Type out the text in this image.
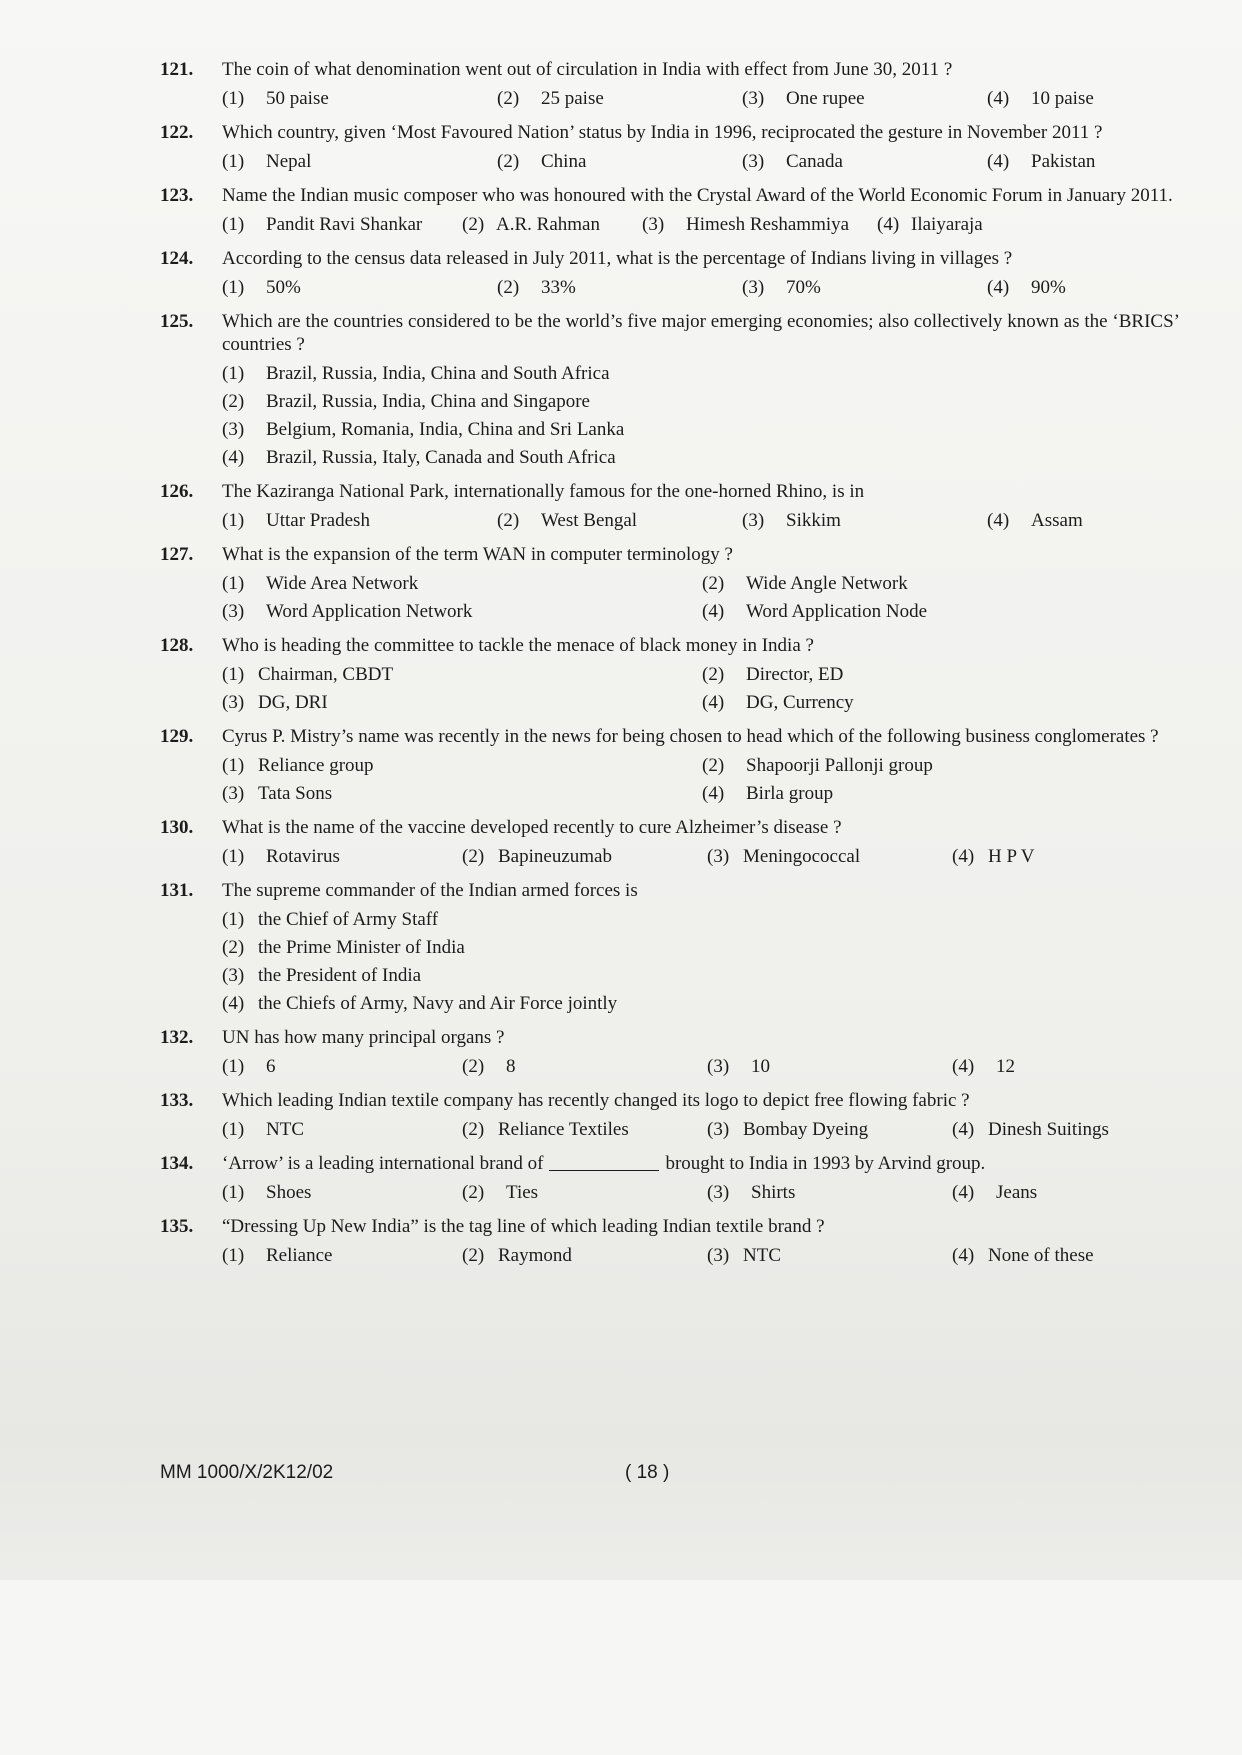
121.	The coin of what denomination went out of circulation in India with effect from June 30, 2011 ?
(1) 50 paise	(2) 25 paise	(3) One rupee	(4) 10 paise
122.	Which country, given ‘Most Favoured Nation’ status by India in 1996, reciprocated the gesture in November 2011 ?
(1) Nepal	(2) China	(3) Canada	(4) Pakistan
123.	Name the Indian music composer who was honoured with the Crystal Award of the World Economic Forum in January 2011.
(1) Pandit Ravi Shankar	(2) A.R. Rahman	(3) Himesh Reshammiya	(4) Ilaiyaraja
124.	According to the census data released in July 2011, what is the percentage of Indians living in villages ?
(1) 50%	(2) 33%	(3) 70%	(4) 90%
125.	Which are the countries considered to be the world’s five major emerging economies; also collectively known as the ‘BRICS’ countries ?
(1) Brazil, Russia, India, China and South Africa
(2) Brazil, Russia, India, China and Singapore
(3) Belgium, Romania, India, China and Sri Lanka
(4) Brazil, Russia, Italy, Canada and South Africa
126.	The Kaziranga National Park, internationally famous for the one-horned Rhino, is in
(1) Uttar Pradesh	(2) West Bengal	(3) Sikkim	(4) Assam
127.	What is the expansion of the term WAN in computer terminology ?
(1) Wide Area Network	(2) Wide Angle Network
(3) Word Application Network	(4) Word Application Node
128.	Who is heading the committee to tackle the menace of black money in India ?
(1) Chairman, CBDT	(2) Director, ED
(3) DG, DRI	(4) DG, Currency
129.	Cyrus P. Mistry’s name was recently in the news for being chosen to head which of the following business conglomerates ?
(1) Reliance group	(2) Shapoorji Pallonji group
(3) Tata Sons	(4) Birla group
130.	What is the name of the vaccine developed recently to cure Alzheimer’s disease ?
(1) Rotavirus	(2) Bapineuzumab	(3) Meningococcal	(4) H P V
131.	The supreme commander of the Indian armed forces is
(1) the Chief of Army Staff
(2) the Prime Minister of India
(3) the President of India
(4) the Chiefs of Army, Navy and Air Force jointly
132.	UN has how many principal organs ?
(1) 6	(2) 8	(3) 10	(4) 12
133.	Which leading Indian textile company has recently changed its logo to depict free flowing fabric ?
(1) NTC	(2) Reliance Textiles	(3) Bombay Dyeing	(4) Dinesh Suitings
134.	‘Arrow’ is a leading international brand of	brought to India in 1993 by Arvind group.
(1) Shoes	(2) Ties	(3) Shirts	(4) Jeans
135.	“Dressing Up New India” is the tag line of which leading Indian textile brand ?
(1) Reliance	(2) Raymond	(3) NTC	(4) None of these
MM 1000/X/2K12/02	( 18 )
